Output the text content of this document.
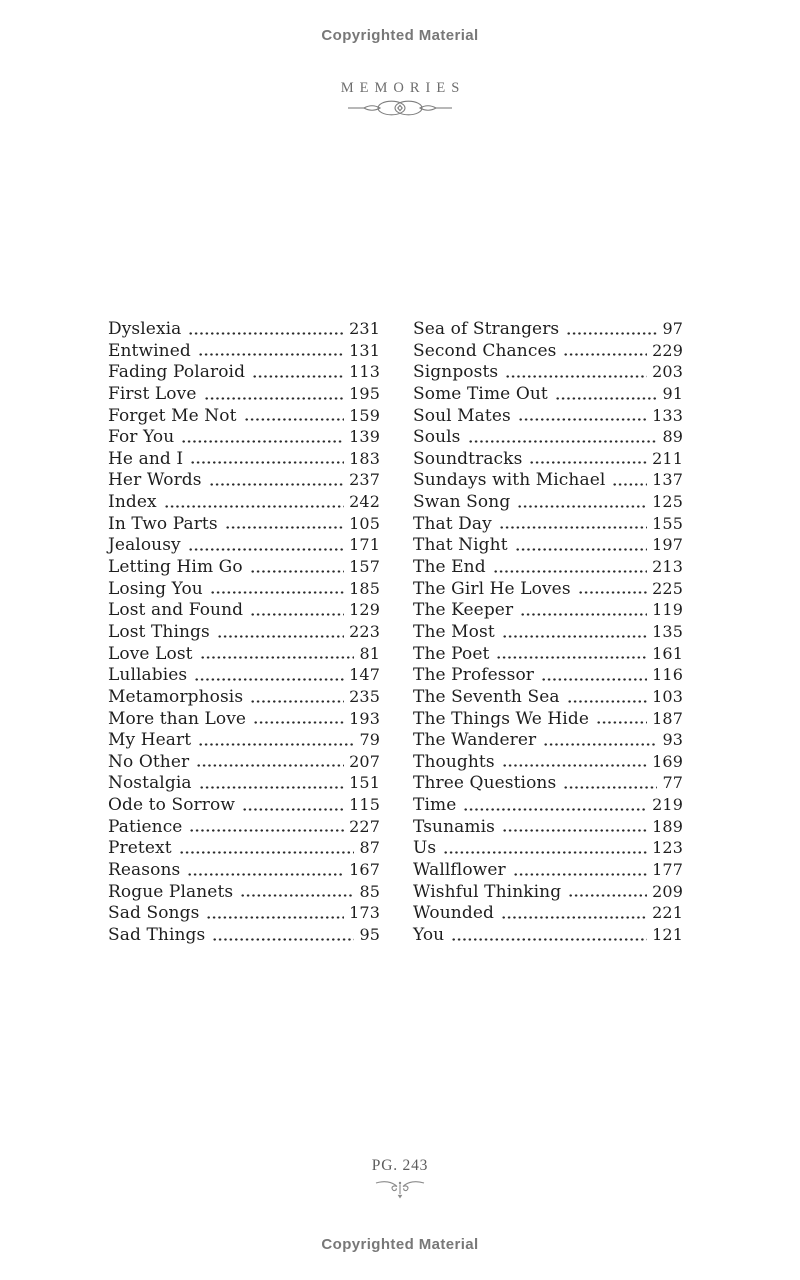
Copyrighted Material
MEMORIES
Dyslexia	231
Entwined	131
Fading Polaroid	113
First Love	195
Forget Me Not	159
For You	139
He and I	183
Her Words	237
Index	242
In Two Parts	105
Jealousy	171
Letting Him Go	157
Losing You	185
Lost and Found	129
Lost Things	223
Love Lost	81
Lullabies	147
Metamorphosis	235
More than Love	193
My Heart	79
No Other	207
Nostalgia	151
Ode to Sorrow	115
Patience	227
Pretext	87
Reasons	167
Rogue Planets	85
Sad Songs	173
Sad Things	95
Sea of Strangers	97
Second Chances	229
Signposts	203
Some Time Out	91
Soul Mates	133
Souls	89
Soundtracks	211
Sundays with Michael	137
Swan Song	125
That Day	155
That Night	197
The End	213
The Girl He Loves	225
The Keeper	119
The Most	135
The Poet	161
The Professor	116
The Seventh Sea	103
The Things We Hide	187
The Wanderer	93
Thoughts	169
Three Questions	77
Time	219
Tsunamis	189
Us	123
Wallflower	177
Wishful Thinking	209
Wounded	221
You	121
PG. 243
Copyrighted Material
